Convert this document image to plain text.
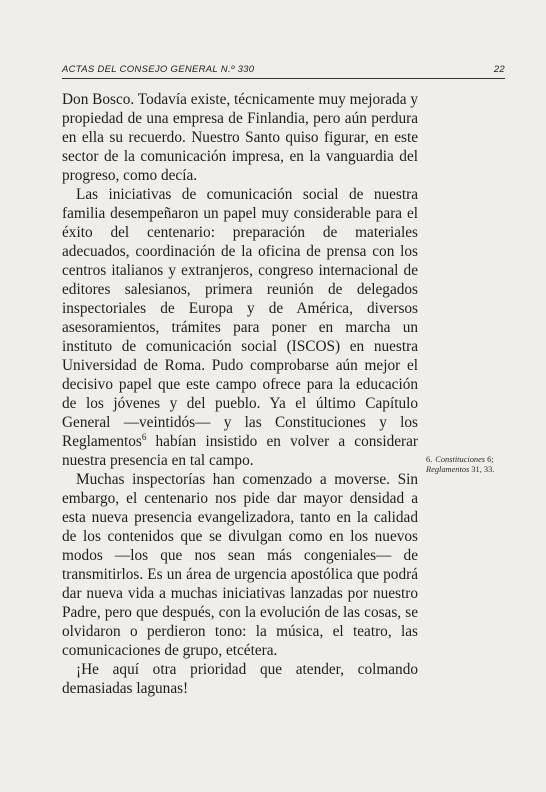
ACTAS DEL CONSEJO GENERAL N.º 330	22

Don Bosco. Todavía existe, técnicamente muy mejorada y propiedad de una empresa de Finlandia, pero aún perdura en ella su recuerdo. Nuestro Santo quiso figurar, en este sector de la comunicación impresa, en la vanguardia del progreso, como decía.

Las iniciativas de comunicación social de nuestra familia desempeñaron un papel muy considerable para el éxito del centenario: preparación de materiales adecuados, coordinación de la oficina de prensa con los centros italianos y extranjeros, congreso internacional de editores salesianos, primera reunión de delegados inspectoriales de Europa y de América, diversos asesoramientos, trámites para poner en marcha un instituto de comunicación social (ISCOS) en nuestra Universidad de Roma. Pudo comprobarse aún mejor el decisivo papel que este campo ofrece para la educación de los jóvenes y del pueblo. Ya el último Capítulo General —veintidós— y las Constituciones y los Reglamentos$^6$ habían insistido en volver a considerar nuestra presencia en tal campo.

Muchas inspectorías han comenzado a moverse. Sin embargo, el centenario nos pide dar mayor densidad a esta nueva presencia evangelizadora, tanto en la calidad de los contenidos que se divulgan como en los nuevos modos —los que nos sean más congeniales— de transmitirlos. Es un área de urgencia apostólica que podrá dar nueva vida a muchas iniciativas lanzadas por nuestro Padre, pero que después, con la evolución de las cosas, se olvidaron o perdieron tono: la música, el teatro, las comunicaciones de grupo, etcétera.

¡He aquí otra prioridad que atender, colmando demasiadas lagunas!

6. Constituciones 6; Reglamentos 31, 33.
